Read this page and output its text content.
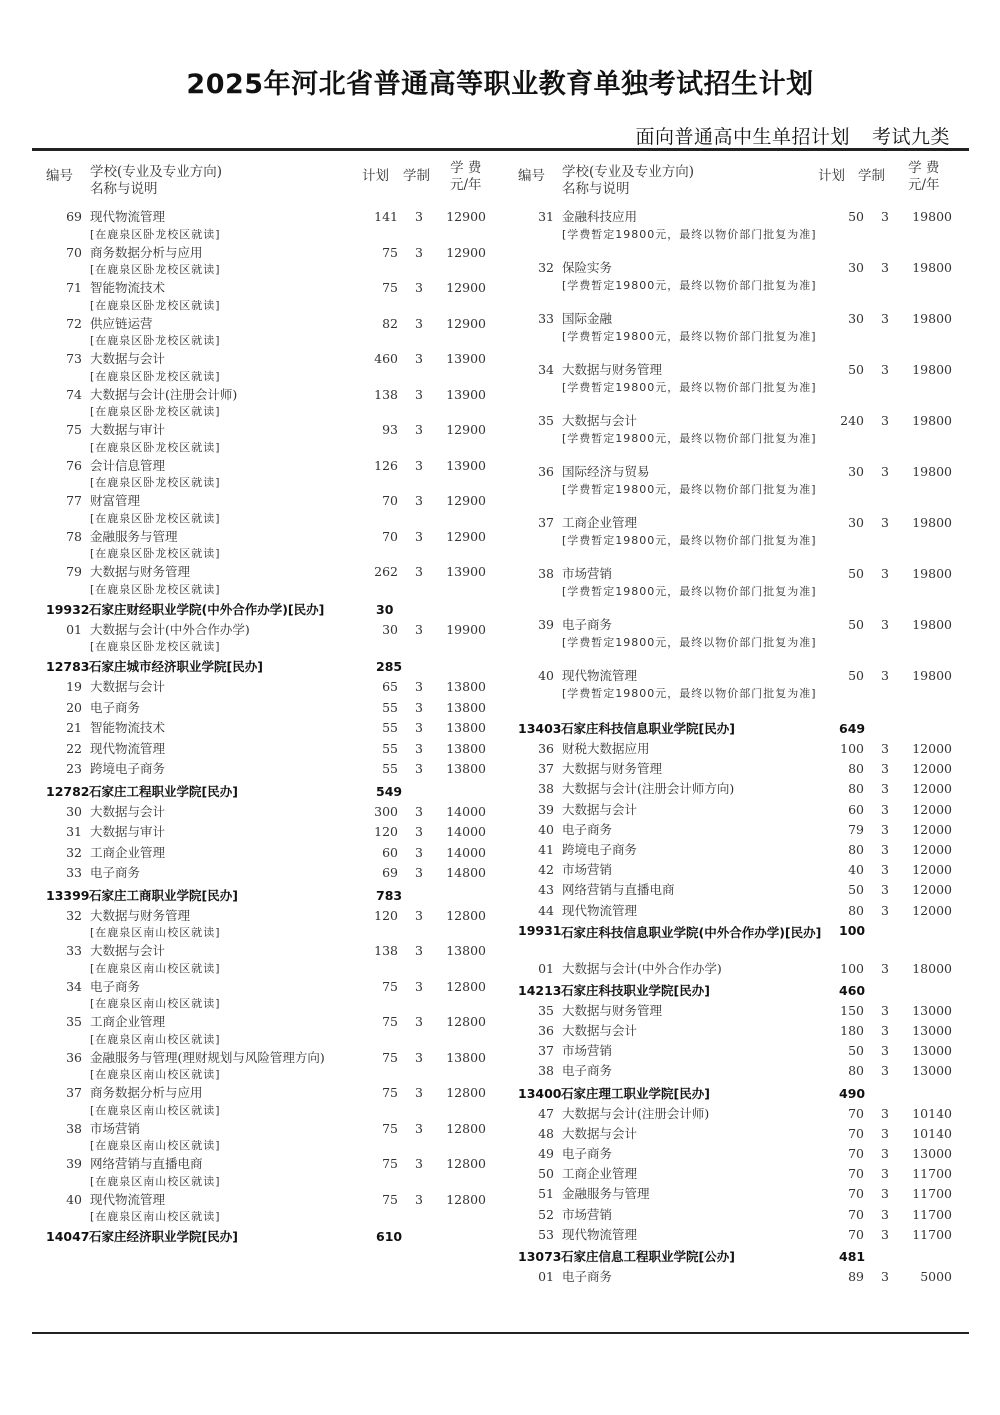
2025年河北省普通高等职业教育单独考试招生计划
面向普通高中生单招计划 考试九类
编号 学校(专业及专业方向)
名称与说明
计划 学制 学 费
元/年
69 现代物流管理
[在鹿泉区卧龙校区就读]
141 3	12900
70 商务数据分析与应用
[在鹿泉区卧龙校区就读]
75 3	12900
71 智能物流技术
[在鹿泉区卧龙校区就读]
75 3	12900
72 供应链运营
[在鹿泉区卧龙校区就读]
82 3	12900
73 大数据与会计
[在鹿泉区卧龙校区就读]
460 3	13900
74 大数据与会计(注册会计师)
[在鹿泉区卧龙校区就读]
138 3	13900
75 大数据与审计
[在鹿泉区卧龙校区就读]
93 3	12900
76 会计信息管理
[在鹿泉区卧龙校区就读]
126 3	13900
77 财富管理
[在鹿泉区卧龙校区就读]
70 3	12900
78 金融服务与管理
[在鹿泉区卧龙校区就读]
70 3	12900
79 大数据与财务管理
[在鹿泉区卧龙校区就读]
262 3	13900
19932 石家庄财经职业学院(中外合作办学)[民办]	30
01 大数据与会计(中外合作办学)
[在鹿泉区卧龙校区就读]
30 3	19900
12783 石家庄城市经济职业学院[民办]	285
19 大数据与会计	65 3	13800
20 电子商务	55 3	13800
21 智能物流技术	55 3	13800
22 现代物流管理	55 3	13800
23 跨境电子商务	55 3	13800
12782 石家庄工程职业学院[民办]	549
30 大数据与会计	300 3	14000
31 大数据与审计	120 3	14000
32 工商企业管理	60 3	14000
33 电子商务	69 3	14800
13399 石家庄工商职业学院[民办]	783
32 大数据与财务管理
[在鹿泉区南山校区就读]
120 3	12800
33 大数据与会计
[在鹿泉区南山校区就读]
138 3	13800
34 电子商务
[在鹿泉区南山校区就读]
75 3	12800
35 工商企业管理
[在鹿泉区南山校区就读]
75 3	12800
36 金融服务与管理(理财规划与风险管理方向)
[在鹿泉区南山校区就读]
75 3	13800
37 商务数据分析与应用
[在鹿泉区南山校区就读]
75 3	12800
38 市场营销
[在鹿泉区南山校区就读]
75 3	12800
39 网络营销与直播电商
[在鹿泉区南山校区就读]
75 3	12800
40 现代物流管理
[在鹿泉区南山校区就读]
75 3	12800
14047 石家庄经济职业学院[民办]	610
编号 学校(专业及专业方向)
名称与说明
计划 学制 学 费
元/年
31 金融科技应用
[学费暂定19800元，最终以物价部门批复为准]
50 3	19800
32 保险实务
[学费暂定19800元，最终以物价部门批复为准]
30 3	19800
33 国际金融
[学费暂定19800元，最终以物价部门批复为准]
30 3	19800
34 大数据与财务管理
[学费暂定19800元，最终以物价部门批复为准]
50 3	19800
35 大数据与会计
[学费暂定19800元，最终以物价部门批复为准]
240 3	19800
36 国际经济与贸易
[学费暂定19800元，最终以物价部门批复为准]
30 3	19800
37 工商企业管理
[学费暂定19800元，最终以物价部门批复为准]
30 3	19800
38 市场营销
[学费暂定19800元，最终以物价部门批复为准]
50 3	19800
39 电子商务
[学费暂定19800元，最终以物价部门批复为准]
50 3	19800
40 现代物流管理
[学费暂定19800元，最终以物价部门批复为准]
50 3	19800
13403 石家庄科技信息职业学院[民办]	649
36 财税大数据应用	100 3	12000
37 大数据与财务管理	80 3	12000
38 大数据与会计(注册会计师方向)	80 3	12000
39 大数据与会计	60 3	12000
40 电子商务	79 3	12000
41 跨境电子商务	80 3	12000
42 市场营销	40 3	12000
43 网络营销与直播电商	50 3	12000
44 现代物流管理	80 3	12000
19931 石家庄科技信息职业学院(中外合作办学)[民办]	100
01 大数据与会计(中外合作办学)	100 3	18000
14213 石家庄科技职业学院[民办]	460
35 大数据与财务管理	150 3	13000
36 大数据与会计	180 3	13000
37 市场营销	50 3	13000
38 电子商务	80 3	13000
13400 石家庄理工职业学院[民办]	490
47 大数据与会计(注册会计师)	70 3	10140
48 大数据与会计	70 3	10140
49 电子商务	70 3	13000
50 工商企业管理	70 3	11700
51 金融服务与管理	70 3	11700
52 市场营销	70 3	11700
53 现代物流管理	70 3	11700
13073 石家庄信息工程职业学院[公办]	481
01 电子商务	89 3	5000
